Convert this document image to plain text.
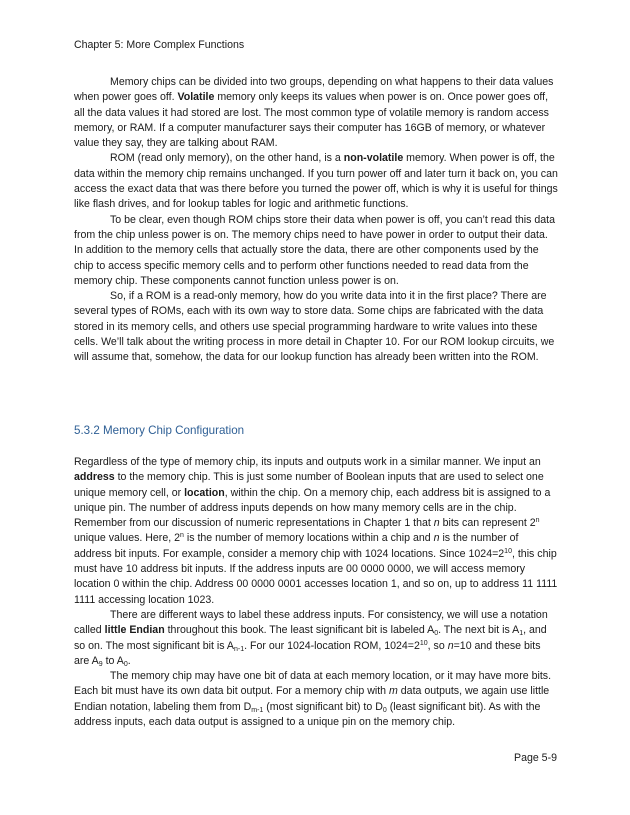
Chapter 5: More Complex Functions

Memory chips can be divided into two groups, depending on what happens to their data values when power goes off. Volatile memory only keeps its values when power is on. Once power goes off, all the data values it had stored are lost. The most common type of volatile memory is random access memory, or RAM. If a computer manufacturer says their computer has 16GB of memory, or whatever value they say, they are talking about RAM.

ROM (read only memory), on the other hand, is a non-volatile memory. When power is off, the data within the memory chip remains unchanged. If you turn power off and later turn it back on, you can access the exact data that was there before you turned the power off, which is why it is useful for things like flash drives, and for lookup tables for logic and arithmetic functions.

To be clear, even though ROM chips store their data when power is off, you can’t read this data from the chip unless power is on. The memory chips need to have power in order to output their data. In addition to the memory cells that actually store the data, there are other components used by the chip to access specific memory cells and to perform other functions needed to read data from the memory chip. These components cannot function unless power is on.

So, if a ROM is a read-only memory, how do you write data into it in the first place? There are several types of ROMs, each with its own way to store data. Some chips are fabricated with the data stored in its memory cells, and others use special programming hardware to write values into these cells. We’ll talk about the writing process in more detail in Chapter 10. For our ROM lookup circuits, we will assume that, somehow, the data for our lookup function has already been written into the ROM.

5.3.2 Memory Chip Configuration

Regardless of the type of memory chip, its inputs and outputs work in a similar manner. We input an address to the memory chip. This is just some number of Boolean inputs that are used to select one unique memory cell, or location, within the chip. On a memory chip, each address bit is assigned to a unique pin. The number of address inputs depends on how many memory cells are in the chip. Remember from our discussion of numeric representations in Chapter 1 that n bits can represent 2$^n$ unique values. Here, 2$^n$ is the number of memory locations within a chip and n is the number of address bit inputs. For example, consider a memory chip with 1024 locations. Since $1024=2^{10}$, this chip must have 10 address bit inputs. If the address inputs are 00 0000 0000, we will access memory location 0 within the chip. Address 00 0000 0001 accesses location 1, and so on, up to address 11 1111 1111 accessing location 1023.

There are different ways to label these address inputs. For consistency, we will use a notation called little Endian throughout this book. The least significant bit is labeled $A_0$. The next bit is $A_1$, and so on. The most significant bit is $A_{n-1}$. For our 1024-location ROM, $1024=2^{10}$, so n=10 and these bits are $A_9$ to $A_0$.

The memory chip may have one bit of data at each memory location, or it may have more bits. Each bit must have its own data bit output. For a memory chip with m data outputs, we again use little Endian notation, labeling them from $D_{m-1}$ (most significant bit) to $D_0$ (least significant bit). As with the address inputs, each data output is assigned to a unique pin on the memory chip.

Page 5-9
